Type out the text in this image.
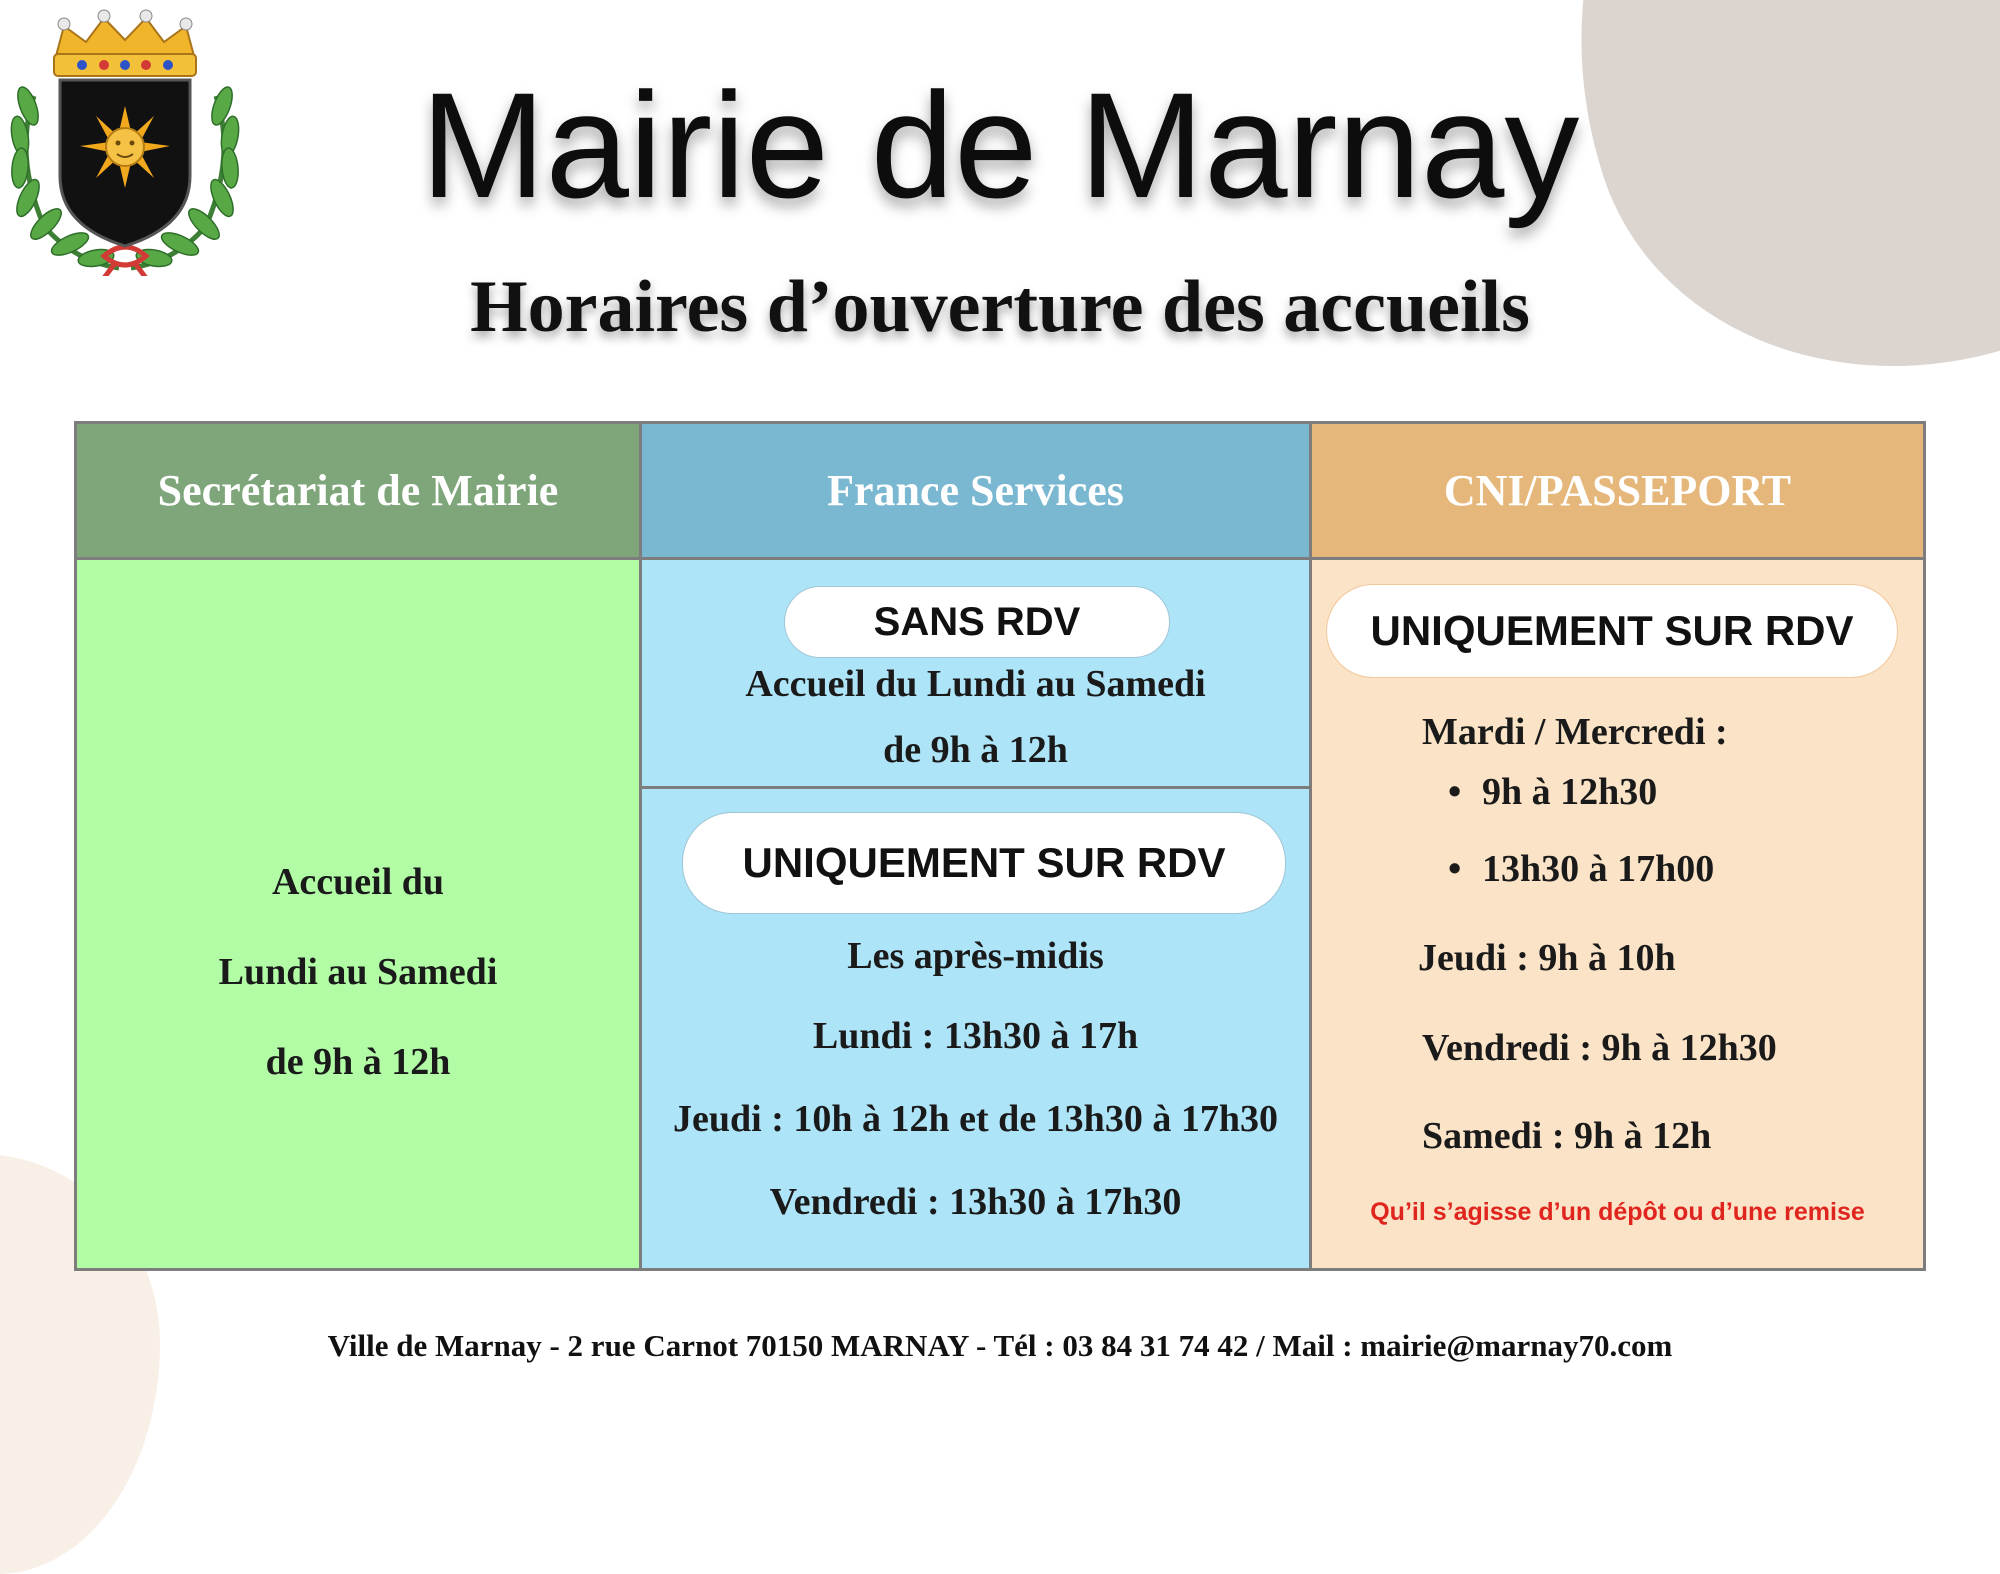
Mairie de Marnay
Horaires d’ouverture des accueils
Secrétariat de Mairie
Accueil du
Lundi au Samedi
de 9h à 12h
France Services
SANS RDV
Accueil du Lundi au Samedi
de 9h à 12h
UNIQUEMENT SUR RDV
Les après-midis
Lundi : 13h30 à 17h
Jeudi : 10h à 12h et de 13h30 à 17h30
Vendredi : 13h30 à 17h30
CNI/PASSEPORT
UNIQUEMENT SUR RDV
Mardi / Mercredi :
• 9h à 12h30
• 13h30 à 17h00
Jeudi : 9h à 10h
Vendredi : 9h à 12h30
Samedi : 9h à 12h
Qu’il s’agisse d’un dépôt ou d’une remise
Ville de Marnay - 2 rue Carnot 70150 MARNAY - Tél : 03 84 31 74 42 / Mail : mairie@marnay70.com
